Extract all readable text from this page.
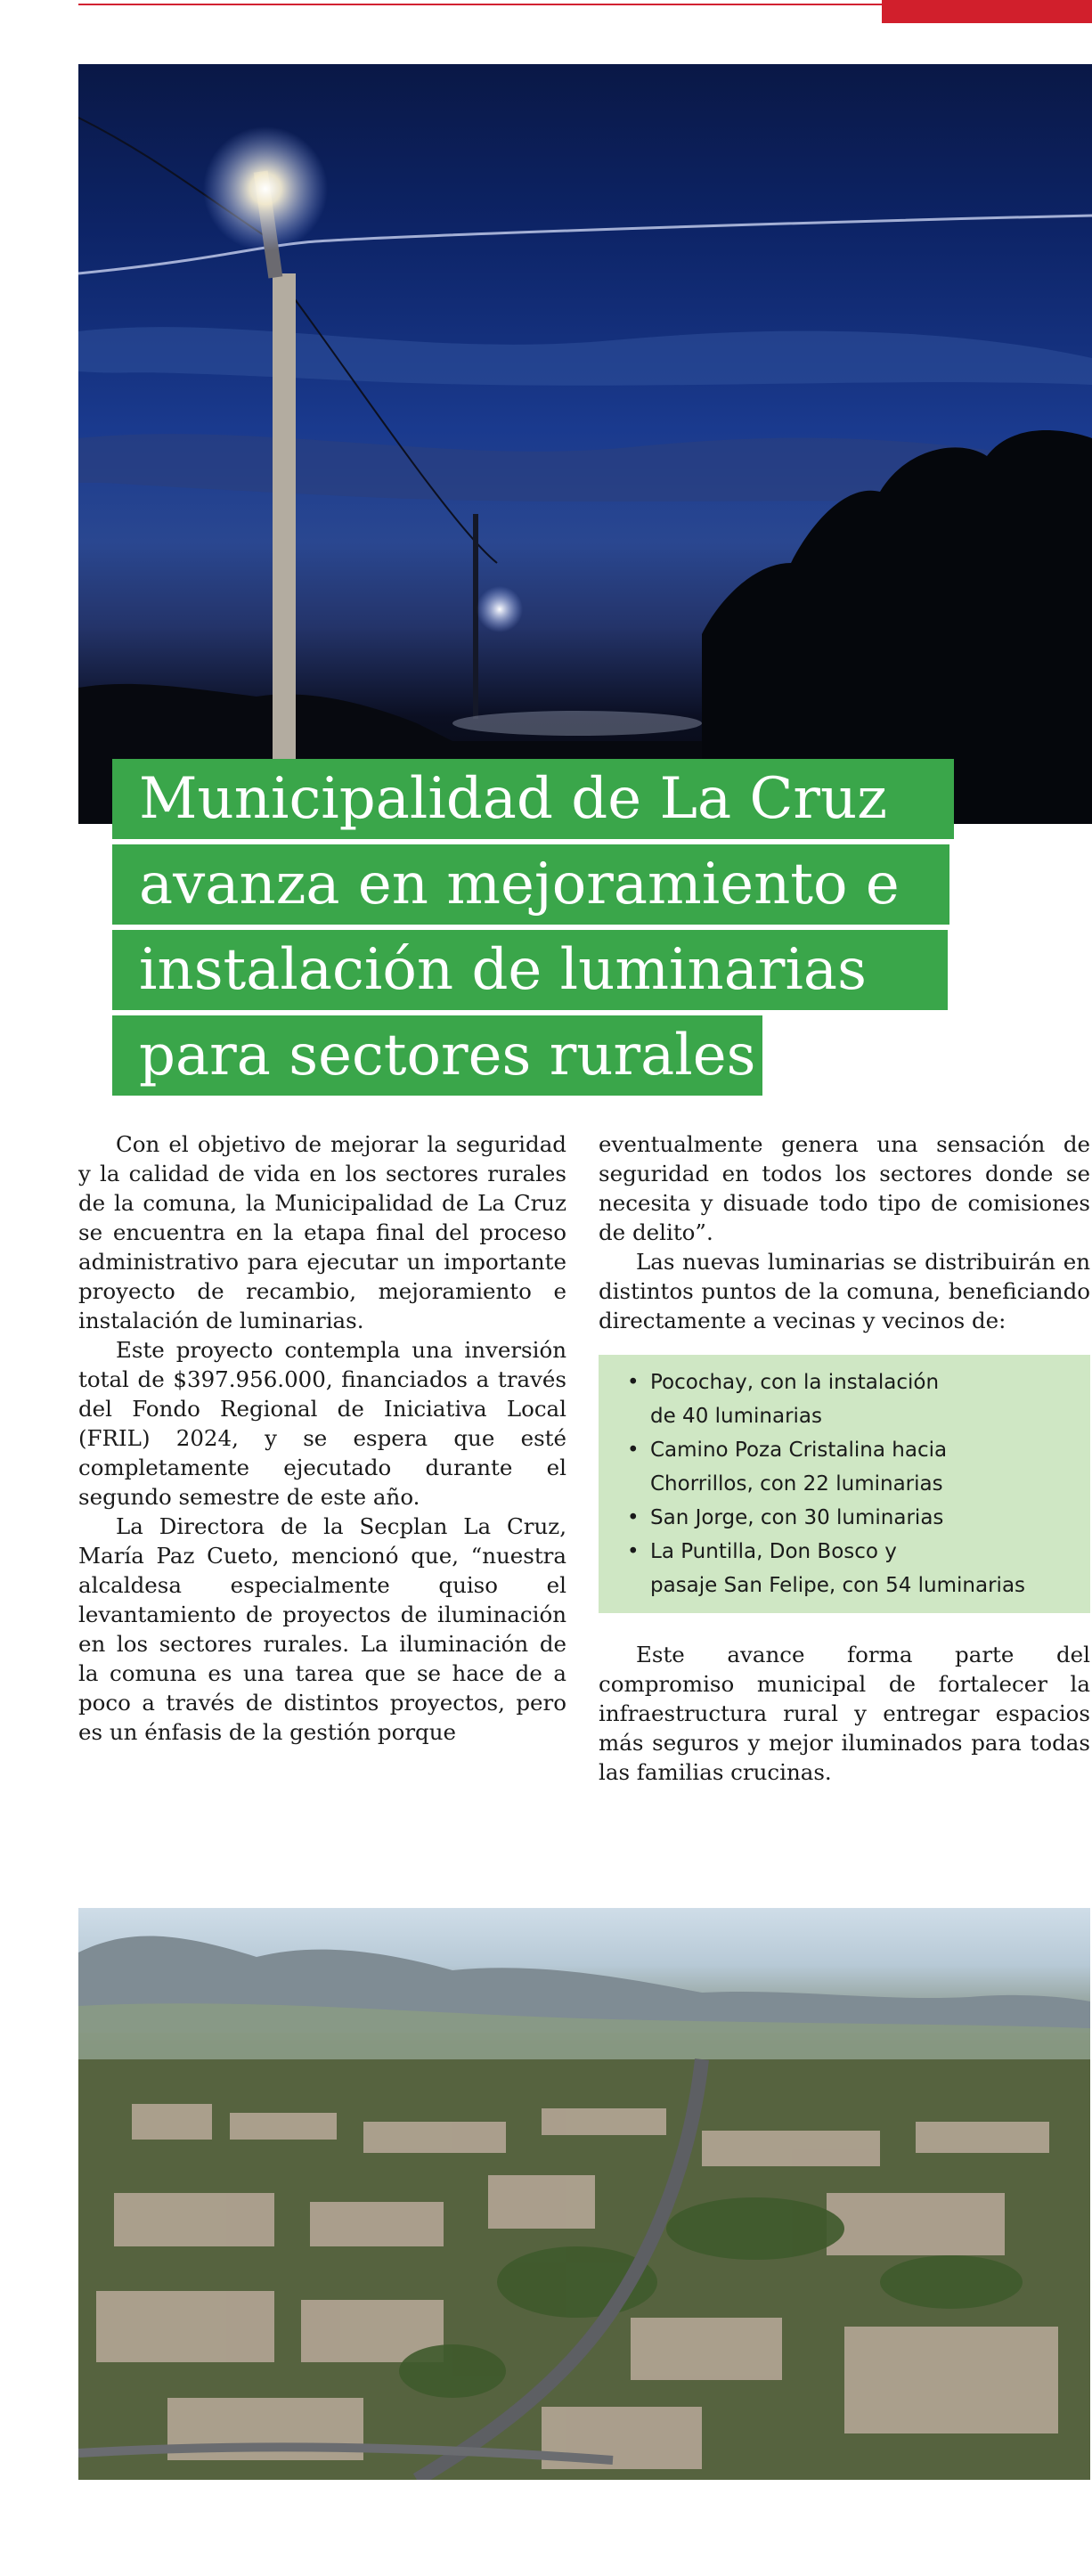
Municipalidad de La Cruz
avanza en mejoramiento e
instalación de luminarias
para sectores rurales

Con el objetivo de mejorar la seguridad y la calidad de vida en los sectores rurales de la comuna, la Municipalidad de La Cruz se encuentra en la etapa final del proceso administrativo para ejecutar un importante proyecto de recambio, mejoramiento e instalación de luminarias.

Este proyecto contempla una inversión total de $397.956.000, financiados a través del Fondo Regional de Iniciativa Local (FRIL) 2024, y se espera que esté completamente ejecutado durante el segundo semestre de este año.

La Directora de la Secplan La Cruz, María Paz Cueto, mencionó que, “nuestra alcaldesa especialmente quiso el levantamiento de proyectos de iluminación en los sectores rurales. La iluminación de la comuna es una tarea que se hace de a poco a través de distintos proyectos, pero es un énfasis de la gestión porque

eventualmente genera una sensación de seguridad en todos los sectores donde se necesita y disuade todo tipo de comisiones de delito”.

Las nuevas luminarias se distribuirán en distintos puntos de la comuna, beneficiando directamente a vecinas y vecinos de:

• Pocochay, con la instalación
de 40 luminarias
• Camino Poza Cristalina hacia
Chorrillos, con 22 luminarias
• San Jorge, con 30 luminarias
• La Puntilla, Don Bosco y
pasaje San Felipe, con 54 luminarias

Este avance forma parte del compromiso municipal de fortalecer la infraestructura rural y entregar espacios más seguros y mejor iluminados para todas las familias crucinas.
